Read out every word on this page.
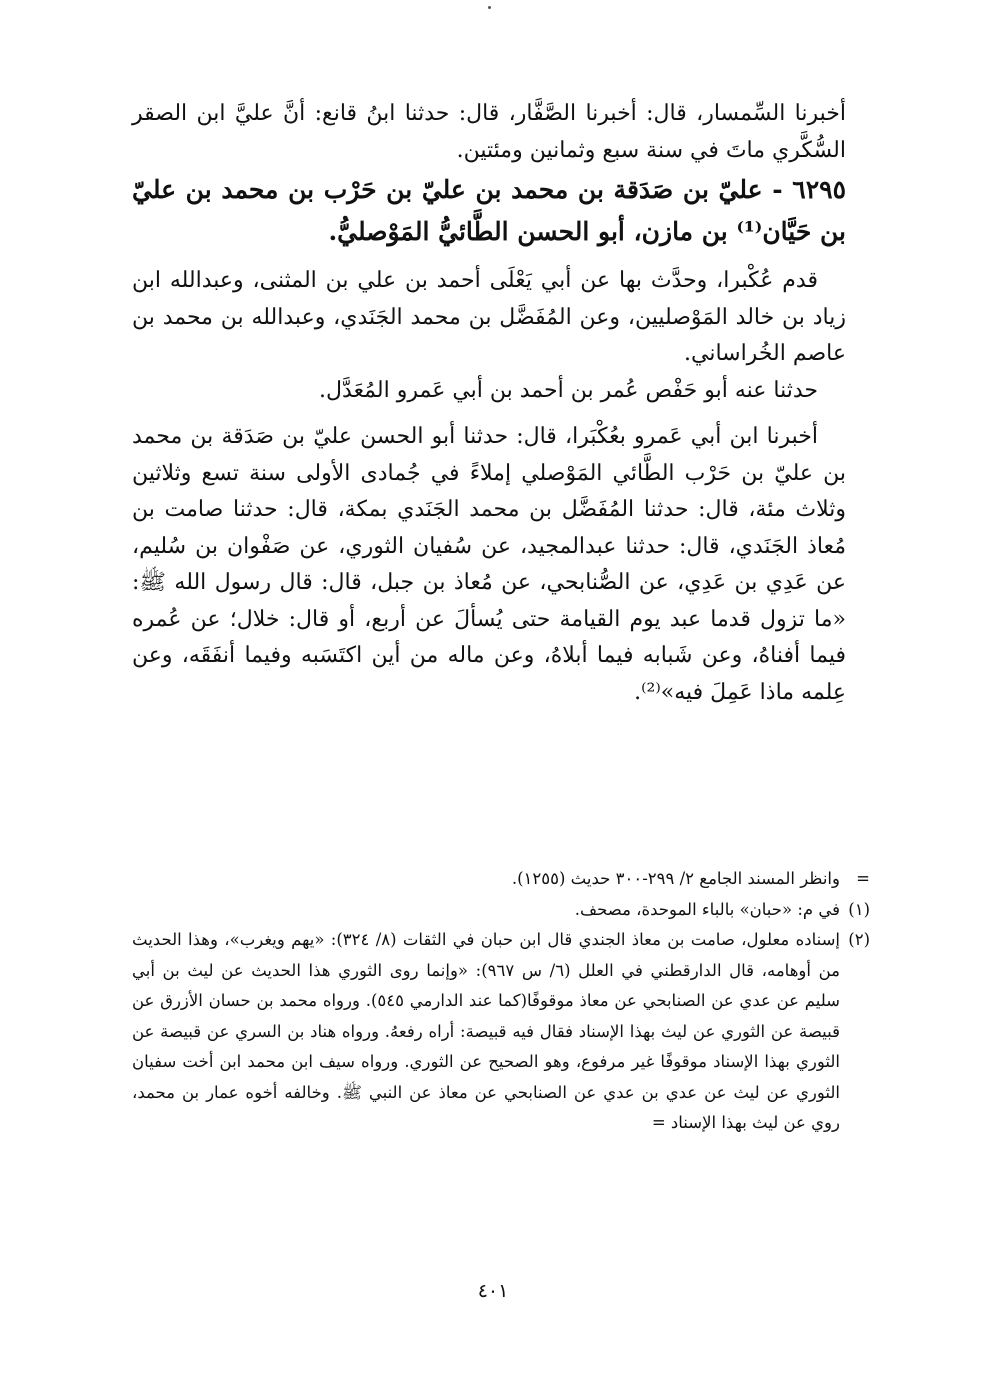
أخبرنا السِّمسار، قال: أخبرنا الصَّفَّار، قال: حدثنا ابنُ قانع: أنَّ عليَّ ابن الصقر السُّكَّري ماتَ في سنة سبع وثمانين ومئتين.

٦٢٩٥ - عليّ بن صَدَقة بن محمد بن عليّ بن حَرْب بن محمد بن عليّ بن حَيَّان⁽¹⁾ بن مازن، أبو الحسن الطَّائيُّ المَوْصليُّ.

قدم عُكْبرا، وحدَّث بها عن أبي يَعْلَى أحمد بن علي بن المثنى، وعبدالله ابن زياد بن خالد المَوْصليين، وعن المُفَضَّل بن محمد الجَنَدي، وعبدالله بن محمد بن عاصم الخُراساني.

حدثنا عنه أبو حَفْص عُمر بن أحمد بن أبي عَمرو المُعَدَّل.

أخبرنا ابن أبي عَمرو بعُكْبَرا، قال: حدثنا أبو الحسن عليّ بن صَدَقة بن محمد بن عليّ بن حَرْب الطَّائي المَوْصلي إملاءً في جُمادى الأولى سنة تسع وثلاثين وثلاث مئة، قال: حدثنا المُفَضَّل بن محمد الجَنَدي بمكة، قال: حدثنا صامت بن مُعاذ الجَنَدي، قال: حدثنا عبدالمجيد، عن سُفيان الثوري، عن صَفْوان بن سُليم، عن عَدِي بن عَدِي، عن الصُّنابحي، عن مُعاذ بن جبل، قال: قال رسول الله ﷺ: «ما تزول قدما عبد يوم القيامة حتى يُسألَ عن أربع، أو قال: خلال؛ عن عُمره فيما أفناهُ، وعن شَبابه فيما أبلاهُ، وعن ماله من أين اكتَسَبه وفيما أنفَقَه، وعن عِلمه ماذا عَمِلَ فيه»⁽²⁾.

=
وانظر المسند الجامع ٢/ ٢٩٩-٣٠٠ حديث (١٢٥٥).
(١)
في م: «حبان» بالباء الموحدة، مصحف.
(٢)
إسناده معلول، صامت بن معاذ الجندي قال ابن حبان في الثقات (٨/ ٣٢٤): «يهم ويغرب»، وهذا الحديث من أوهامه، قال الدارقطني في العلل (٦/ س ٩٦٧): «وإنما روى الثوري هذا الحديث عن ليث بن أبي سليم عن عدي عن الصنابحي عن معاذ موقوفًا(كما عند الدارمي ٥٤٥). ورواه محمد بن حسان الأزرق عن قبيصة عن الثوري عن ليث بهذا الإسناد فقال فيه قبيصة: أراه رفعهُ. ورواه هناد بن السري عن قبيصة عن الثوري بهذا الإسناد موقوفًا غير مرفوع، وهو الصحيح عن الثوري. ورواه سيف ابن محمد ابن أخت سفيان الثوري عن ليث عن عدي بن عدي عن الصنابحي عن معاذ عن النبي ﷺ. وخالفه أخوه عمار بن محمد، روي عن ليث بهذا الإسناد =
٤٠١
